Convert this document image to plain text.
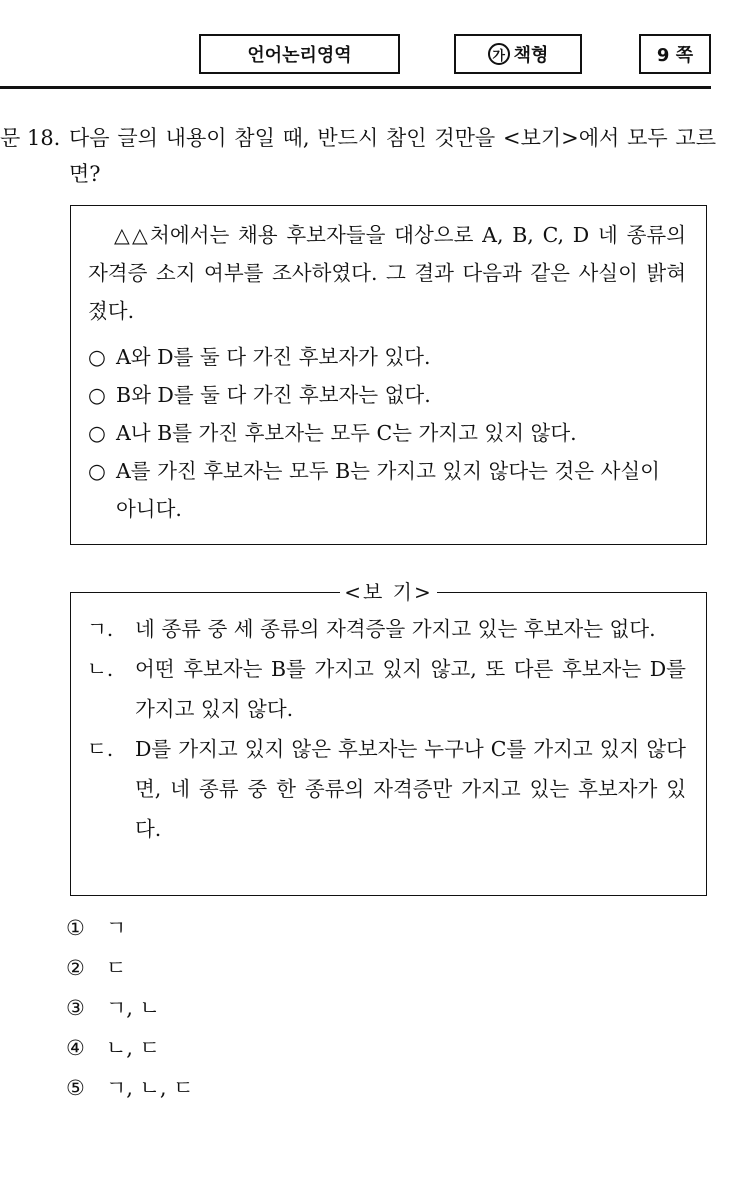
언어논리영역	가 책형	9 쪽
문 18. 다음 글의 내용이 참일 때, 반드시 참인 것만을 <보기>에서 모두 고르면?

△△처에서는 채용 후보자들을 대상으로 A, B, C, D 네 종류의 자격증 소지 여부를 조사하였다. 그 결과 다음과 같은 사실이 밝혀졌다.

○ A와 D를 둘 다 가진 후보자가 있다.
○ B와 D를 둘 다 가진 후보자는 없다.
○ A나 B를 가진 후보자는 모두 C는 가지고 있지 않다.
○ A를 가진 후보자는 모두 B는 가지고 있지 않다는 것은 사실이 아니다.
<보 기>
ㄱ.	네 종류 중 세 종류의 자격증을 가지고 있는 후보자는 없다.
ㄴ.	어떤 후보자는 B를 가지고 있지 않고, 또 다른 후보자는 D를 가지고 있지 않다.
ㄷ.	D를 가지고 있지 않은 후보자는 누구나 C를 가지고 있지 않다면, 네 종류 중 한 종류의 자격증만 가지고 있는 후보자가 있다.
①	ㄱ
②	ㄷ
③	ㄱ, ㄴ
④	ㄴ, ㄷ
⑤	ㄱ, ㄴ, ㄷ
